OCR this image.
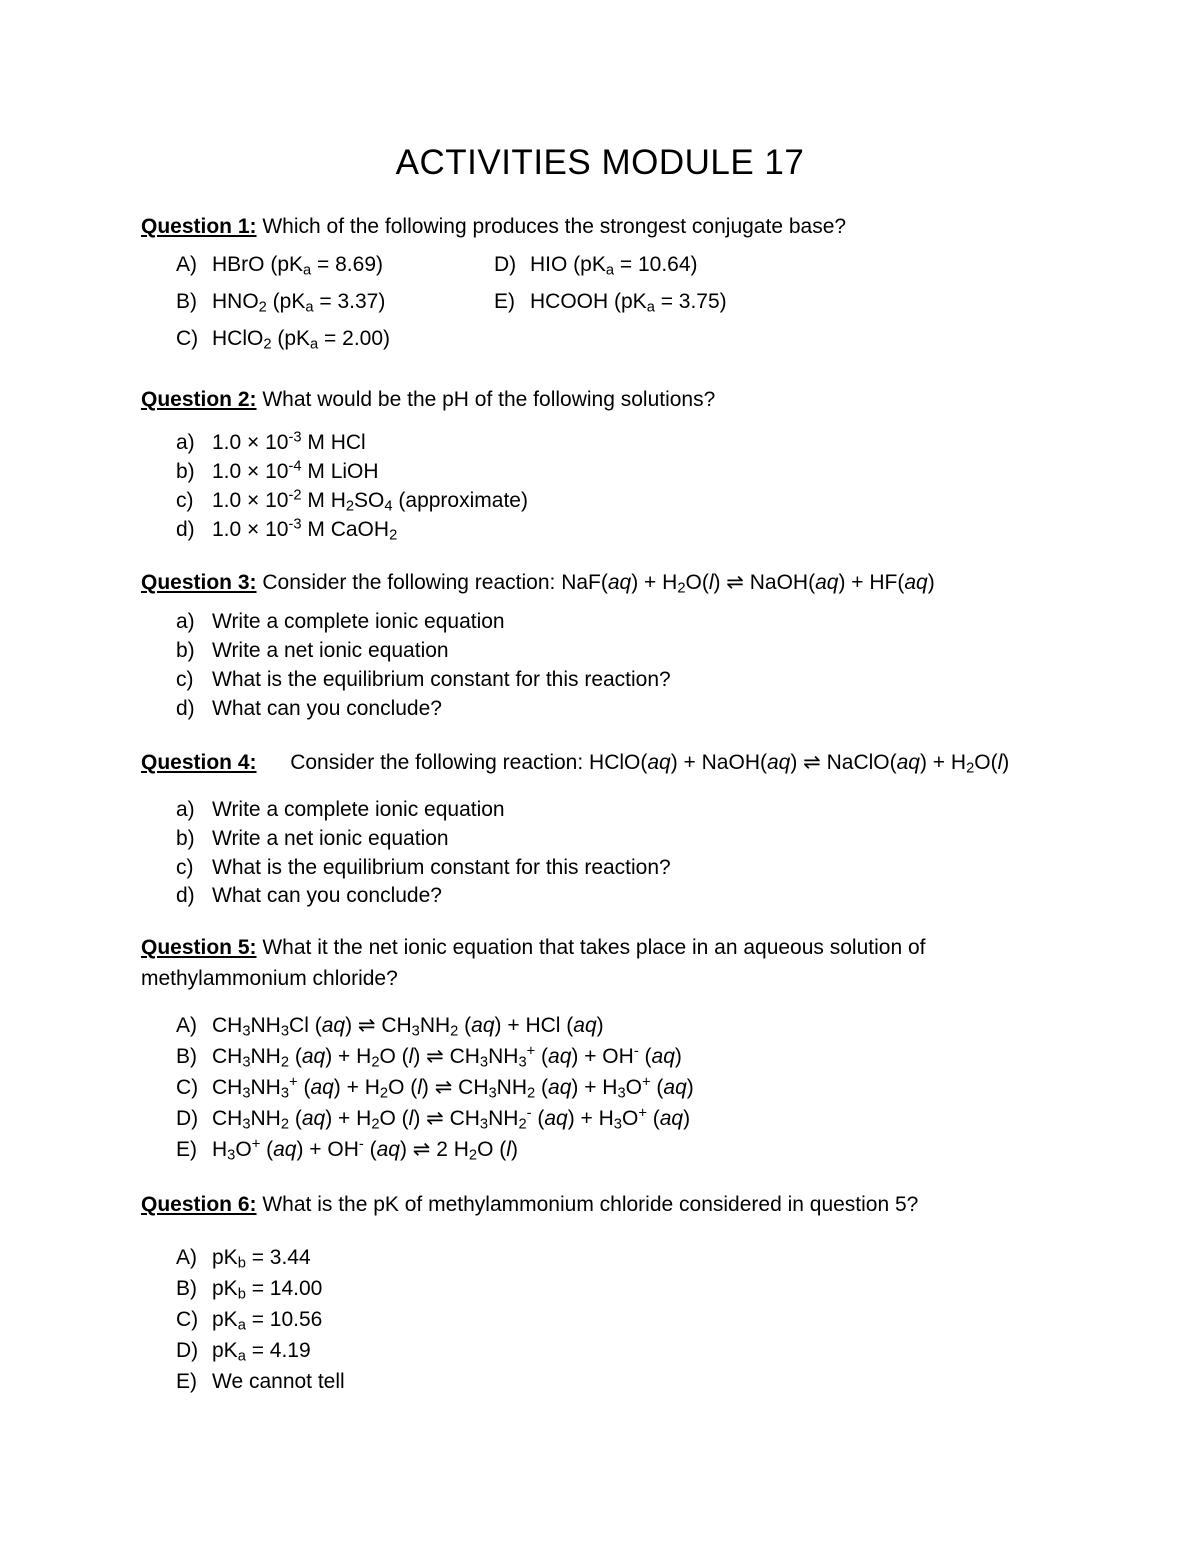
ACTIVITIES MODULE 17
Question 1: Which of the following produces the strongest conjugate base?
A) HBrO $(pK_a = 8.69)$
B) $HNO_2$ $(pK_a = 3.37)$
C) HClO$_2$ $(pK_a = 2.00)$
D) HIO $(pK_a = 10.64)$
E) HCOOH $(pK_a = 3.75)$
Question 2: What would be the pH of the following solutions?
a) $1.0 \times 10^{-3}$ M HCl
b) $1.0 \times 10^{-4}$ M LiOH
c) $1.0 \times 10^{-2}$ M $H_2SO_4$ (approximate)
d) $1.0 \times 10^{-3}$ M CaOH$_2$
Question 3: Consider the following reaction: $NaF(aq) + H_2O(l)$ ⇌ NaOH(aq) + HF(aq)
a) Write a complete ionic equation
b) Write a net ionic equation
c) What is the equilibrium constant for this reaction?
d) What can you conclude?
Question 4: Consider the following reaction: HClO(aq) + NaOH(aq) ⇌ NaClO(aq) + $H_2O(l)$
a) Write a complete ionic equation
b) Write a net ionic equation
c) What is the equilibrium constant for this reaction?
d) What can you conclude?
Question 5: What it the net ionic equation that takes place in an aqueous solution of
methylammonium chloride?
A) $CH_3NH_3Cl$ (aq) ⇌ $CH_3NH_2$ (aq) + HCl (aq)
B) $CH_3NH_2$ $(aq) + H_2O$ (l) ⇌ $CH_3NH_3^+$ (aq) + OH- (aq)
C) $CH_3NH_3^+$ $(aq) + H_2O$ (l) ⇌ $CH_3NH_2$ $(aq) + H_3O^+$ (aq)
D) $CH_3NH_2$ $(aq) + H_2O$ (l) ⇌ $CH_3NH_2^-$ $(aq) + H_3O^+$ (aq)
E) $H_3O^+$ (aq) + OH- (aq) ⇌ 2 $H_2O$ (l)
Question 6: What is the pK of methylammonium chloride considered in question 5?
A) $pK_b = 3.44$
B) $pK_b = 14.00$
C) $pK_a = 10.56$
D) $pK_a = 4.19$
E) We cannot tell
